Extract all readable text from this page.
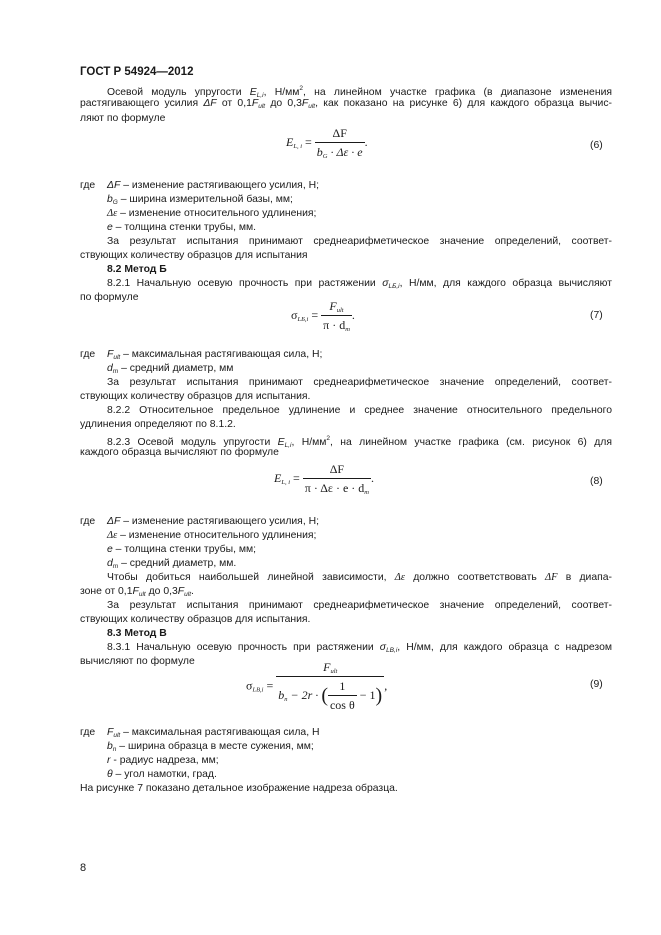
ГОСТ Р 54924—2012
Осевой модуль упругости $E_{L,i}$, $Н/мм^2$, на линейном участке графика (в диапазоне изменения
растягивающего усилия ΔF от $0,1F_{ult}$ до $0,3F_{ult}$, как показано на рисунке 6) для каждого образца вычис-
ляют по формуле
$E_{L, i} = \frac{\Delta F}{b_G \cdot \Delta\varepsilon \cdot e}$ .	(6)
где ΔF – изменение растягивающего усилия, Н;
$b_G$ – ширина измерительной базы, мм;
Δε – изменение относительного удлинения;
e – толщина стенки трубы, мм.
За результат испытания принимают среднеарифметическое значение определений, соответ-
ствующих количеству образцов для испытания
8.2 Метод Б
8.2.1 Начальную осевую прочность при растяжении $\sigma_{LБ,i}$, Н/мм, для каждого образца вычисляют
по формуле
$\sigma_{LБ,i} = \frac{F_{ult}}{\pi \cdot d_m}$ .	(7)
где $F_{ult}$ – максимальная растягивающая сила, Н;
$d_m$ – средний диаметр, мм
За результат испытания принимают среднеарифметическое значение определений, соответ-
ствующих количеству образцов для испытания.
8.2.2 Относительное предельное удлинение и среднее значение относительного предельного
удлинения определяют по 8.1.2.
8.2.3 Осевой модуль упругости $E_{L,i}$, $Н/мм^2$, на линейном участке графика (см. рисунок 6) для
каждого образца вычисляют по формуле
$E_{L, i} = \frac{\Delta F}{\pi \cdot \Delta\varepsilon \cdot e \cdot d_m}$ .	(8)
где ΔF – изменение растягивающего усилия, Н;
Δε – изменение относительного удлинения;
e – толщина стенки трубы, мм;
$d_m$ – средний диаметр, мм.
Чтобы добиться наибольшей линейной зависимости, Δε должно соответствовать ΔF в диапа-
зоне от $0,1F_{ult}$ до $0,3F_{ult}$.
За результат испытания принимают среднеарифметическое значение определений, соответ-
ствующих количеству образцов для испытания.
8.3 Метод В
8.3.1 Начальную осевую прочность при растяжении $\sigma_{LB,i}$, Н/мм, для каждого образца с надрезом
вычисляют по формуле
$\sigma_{LB,i} = \frac{F_{ult}}{b_n - 2r \cdot ( \frac{1}{\text{cos θ}} - 1)}$ ,	(9)
где $F_{ult}$ – максимальная растягивающая сила, Н
$b_n$ – ширина образца в месте сужения, мм;
r - радиус надреза, мм;
θ – угол намотки, град.
На рисунке 7 показано детальное изображение надреза образца.
8
